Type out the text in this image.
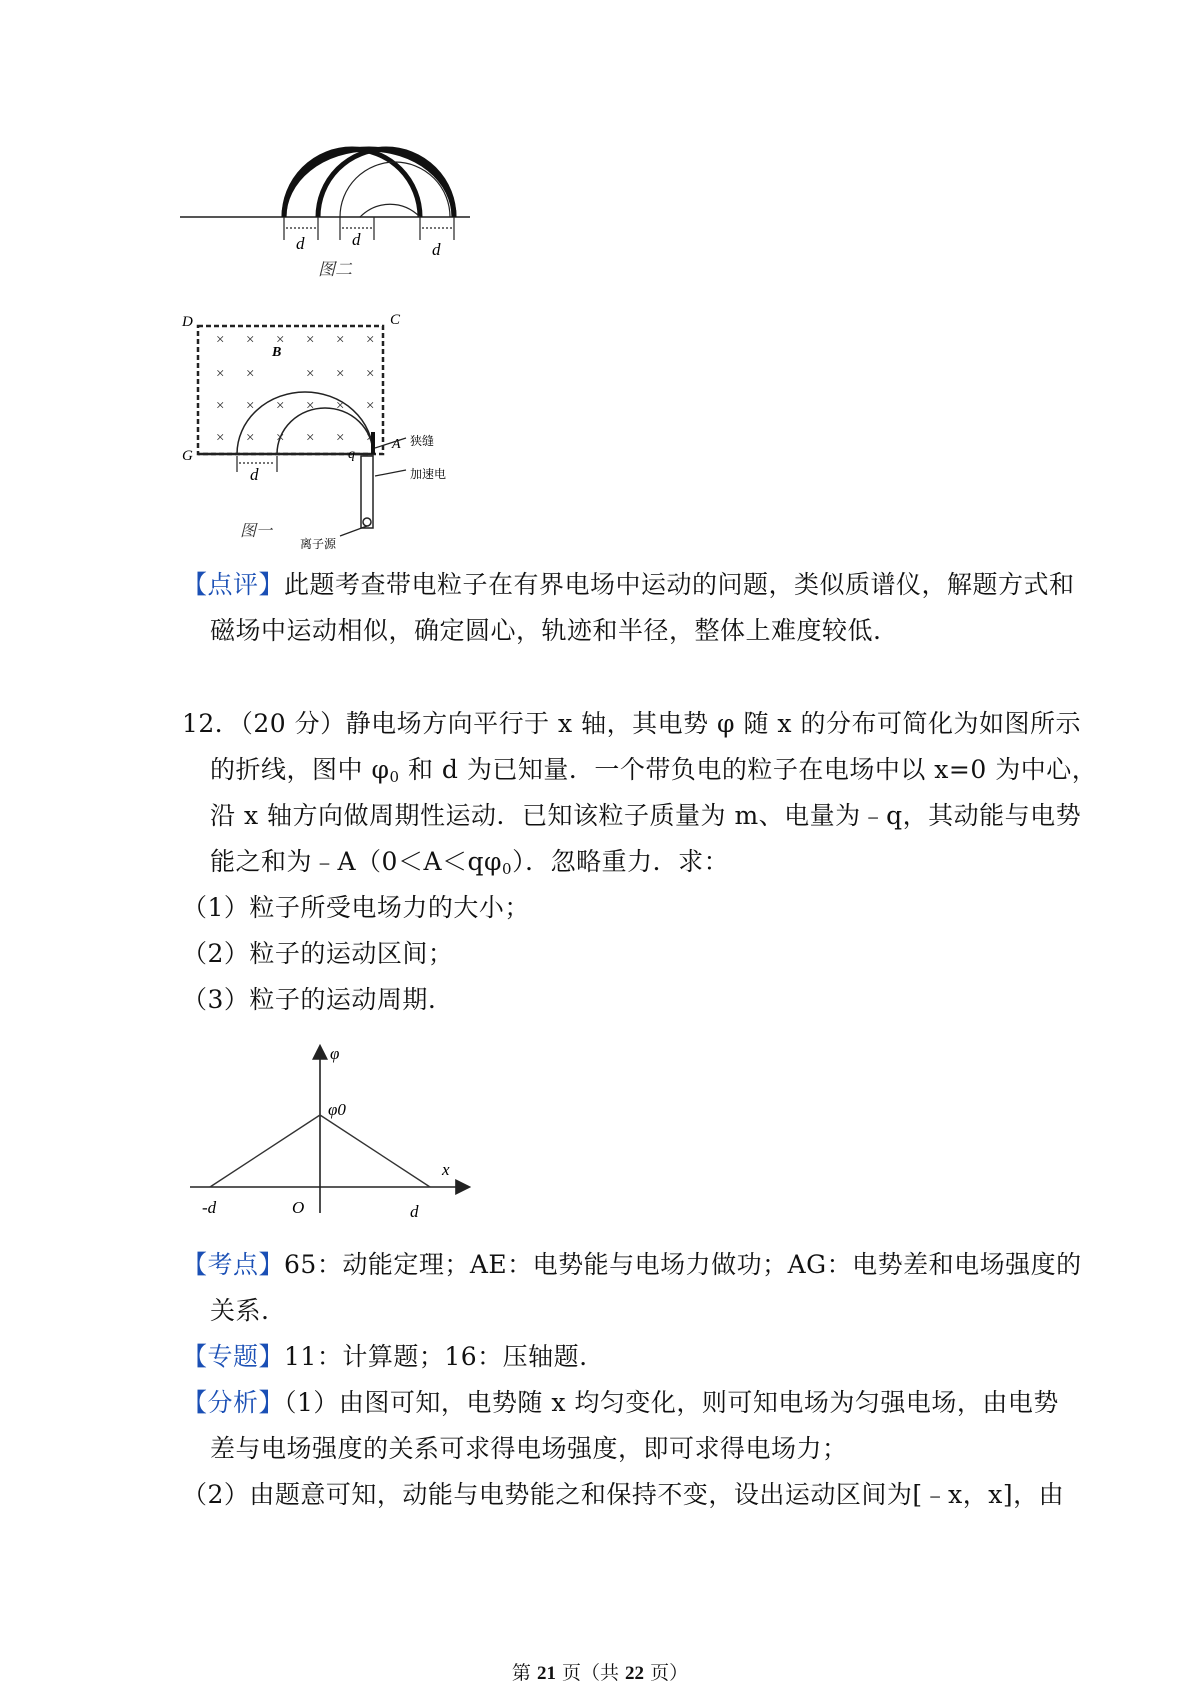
d	d
d
图二
D	C
G
A
B
× × × × × ×
× ×	× × ×
× × × × × ×
× × × × × ×
q
d
狭缝
加速电
离子源
图一
【点评】此题考查带电粒子在有界电场中运动的问题，类似质谱仪，解题方式和
磁场中运动相似，确定圆心，轨迹和半径，整体上难度较低.
12．（20 分）静电场方向平行于 x 轴，其电势 φ 随 x 的分布可简化为如图所示
的折线，图中 $\varphi_0$ 和 d 为已知量．一个带负电的粒子在电场中以 x=0 为中心，
沿 x 轴方向做周期性运动．已知该粒子质量为 m、电量为﹣q，其动能与电势
能之和为$﹣A(0<A<q\varphi_0)$．忽略重力．求：
（1）粒子所受电场力的大小；
（2）粒子的运动区间；
（3）粒子的运动周期.
φ
φ0
x
-d	O	d
【考点】65：动能定理；AE：电势能与电场力做功；AG：电势差和电场强度的
关系.
【专题】11：计算题；16：压轴题.
【分析】（1）由图可知，电势随 x 均匀变化，则可知电场为匀强电场，由电势
差与电场强度的关系可求得电场强度，即可求得电场力；
（2）由题意可知，动能与电势能之和保持不变，设出运动区间为[﹣x，x]，由
第 21 页（共 22 页）
